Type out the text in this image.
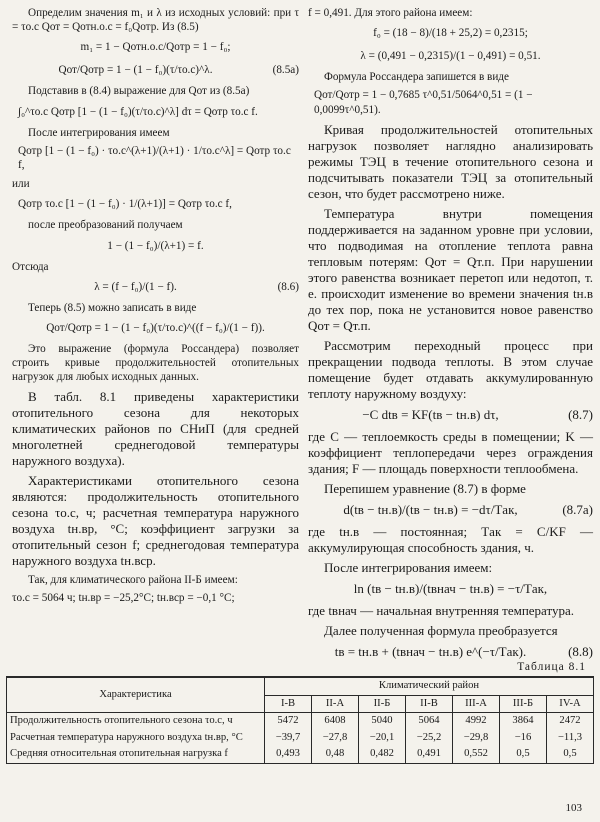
Определим значения m₁ и λ из исходных условий: при τ = τо.с Qот = Qотн.о.с = f₀Qотр. Из (8.5)

m₁ = 1 − Qотн.о.с/Qотр = 1 − f₀;
Qот/Qотр = 1 − (1 − f₀)(τ/τо.с)^λ.	(8.5а)

Подставив в (8.4) выражение для Qот из (8.5а)

∫₀^τо.с Qотр [1 − (1 − f₀)(τ/τо.с)^λ] dτ = Qотр τо.с f.

После интегрирования имеем

Qотр [1 − (1 − f₀) · τо.с^(λ+1)/(λ+1) · 1/τо.с^λ] = Qотр τо.с f,

или

Qотр τо.с [1 − (1 − f₀) · 1/(λ+1)] = Qотр τо.с f,

после преобразований получаем

1 − (1 − f₀)/(λ+1) = f.

Отсюда

λ = (f − f₀)/(1 − f).	(8.6)

Теперь (8.5) можно записать в виде

Qот/Qотр = 1 − (1 − f₀)(τ/τо.с)^((f − f₀)/(1 − f)).

Это выражение (формула Россандера) позволяет строить кривые продолжительностей отопительных нагрузок для любых исходных данных.

В табл. 8.1 приведены характеристики отопительного сезона для некоторых климатических районов по СНиП (для средней многолетней среднегодовой температуры наружного воздуха).

Характеристиками отопительного сезона являются: продолжительность отопительного сезона τо.с, ч; расчетная температура наружного воздуха tн.вр, °С; коэффициент загрузки за отопительный сезон f; среднегодовая температура наружного воздуха tн.вср.

Так, для климатического района II-Б имеем:

τо.с = 5064 ч; tн.вр = −25,2°С; tн.вср = −0,1 °С;

f = 0,491. Для этого района имеем:

f₀ = (18 − 8)/(18 + 25,2) = 0,2315;
λ = (0,491 − 0,2315)/(1 − 0,491) = 0,51.

Формула Россандера запишется в виде

Qот/Qотр = 1 − 0,7685 τ^0,51/5064^0,51 = (1 − 0,0099τ^0,51).

Кривая продолжительностей отопительных нагрузок позволяет наглядно анализировать режимы ТЭЦ в течение отопительного сезона и подсчитывать показатели ТЭЦ за отопительный сезон, что будет рассмотрено ниже.

Температура внутри помещения поддерживается на заданном уровне при условии, что подводимая на отопление теплота равна тепловым потерям: Qот = Qт.п. При нарушении этого равенства возникает перетоп или недотоп, т. е. происходит изменение во времени значения tн.в до тех пор, пока не установится новое равенство Qот = Qт.п.

Рассмотрим переходный процесс при прекращении подвода теплоты. В этом случае помещение будет отдавать аккумулированную теплоту наружному воздуху:

−C dtв = KF(tв − tн.в) dτ,	(8.7)

где C — теплоемкость среды в помещении; K — коэффициент теплопередачи через ограждения здания; F — площадь поверхности теплообмена.

Перепишем уравнение (8.7) в форме

d(tв − tн.в)/(tв − tн.в) = −dτ/Tак,	(8.7а)

где tн.в — постоянная; Tак = C/KF — аккумулирующая способность здания, ч.

После интегрирования имеем:

ln (tв − tн.в)/(tвнач − tн.в) = −τ/Tак,

где tвнач — начальная внутренняя температура.

Далее полученная формула преобразуется

tв = tн.в + (tвнач − tн.в) e^(−τ/Tак).	(8.8)
Таблица 8.1
Характеристика	Климатический район						
	I-В	II-А	II-Б	II-В	III-А	III-Б	IV-А
Продолжительность отопительного сезона τо.с, ч	5472	6408	5040	5064	4992	3864	2472
Расчетная температура наружного воздуха tн.вр, °С	−39,7	−27,8	−20,1	−25,2	−29,8	−16	−11,3
Средняя относительная отопительная нагрузка f	0,493	0,48	0,482	0,491	0,552	0,5	0,5
103
